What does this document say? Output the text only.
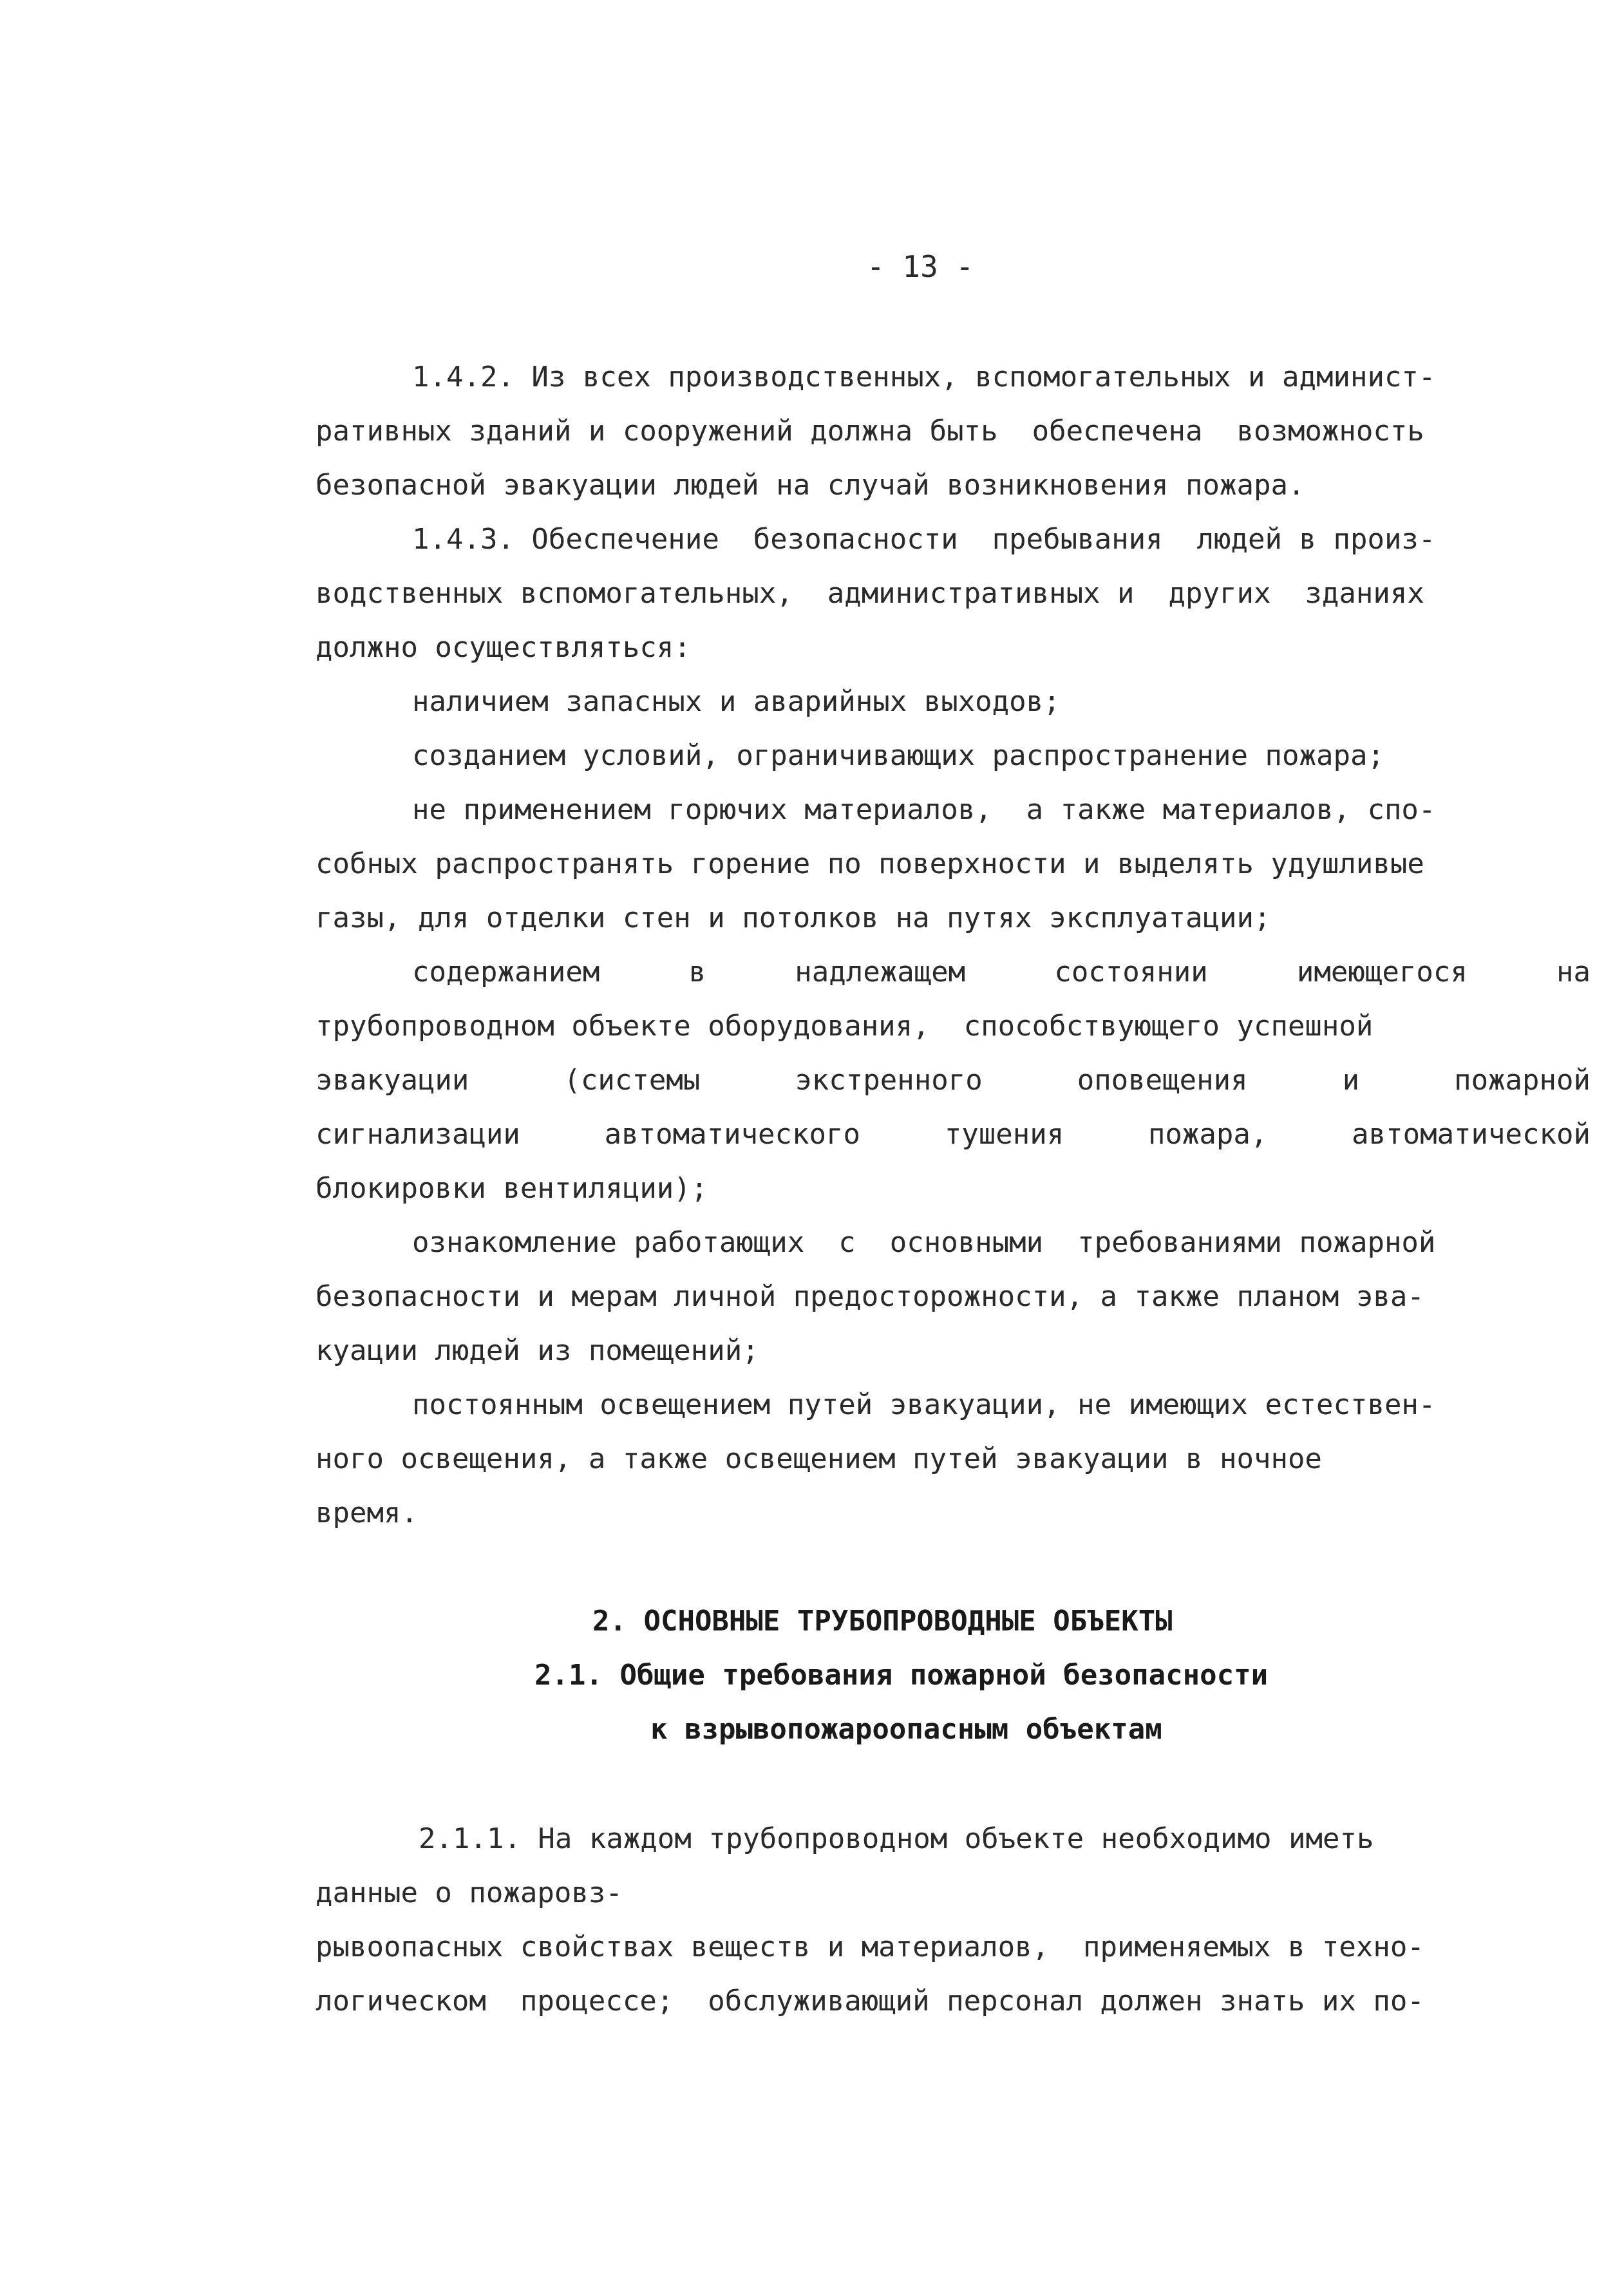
- 13 -
1.4.2. Из всех производственных, вспомогательных и админист-
ративных зданий и сооружений должна быть  обеспечена  возможность
безопасной эвакуации людей на случай возникновения пожара.
1.4.3. Обеспечение  безопасности  пребывания  людей в произ-
водственных вспомогательных,  административных и  других  зданиях
должно осуществляться:
наличием запасных и аварийных выходов;
созданием условий, ограничивающих распространение пожара;
не применением горючих материалов,  а также материалов, спо-
собных распространять горение по поверхности и выделять удушливые
газы, для отделки стен и потолков на путях эксплуатации;
содержанием	в	надлежащем	состоянии	имеющегося	на
трубопроводном объекте оборудования,  способствующего успешной
эвакуации	(системы	экстренного	оповещения	и	пожарной
сигнализации	автоматического	тушения	пожара,	автоматической
блокировки вентиляции);
ознакомление работающих  с  основными  требованиями пожарной
безопасности и мерам личной предосторожности, а также планом эва-
куации людей из помещений;
постоянным освещением путей эвакуации, не имеющих естествен-
ного освещения, а также освещением путей эвакуации в ночное
время.
2. ОСНОВНЫЕ ТРУБОПРОВОДНЫЕ ОБЪЕКТЫ
2.1. Общие требования пожарной безопасности
к взрывопожароопасным объектам
2.1.1. На каждом трубопроводном объекте необходимо иметь
данные о пожаровз-
рывоопасных свойствах веществ и материалов,  применяемых в техно-
логическом  процессе;  обслуживающий персонал должен знать их по-
